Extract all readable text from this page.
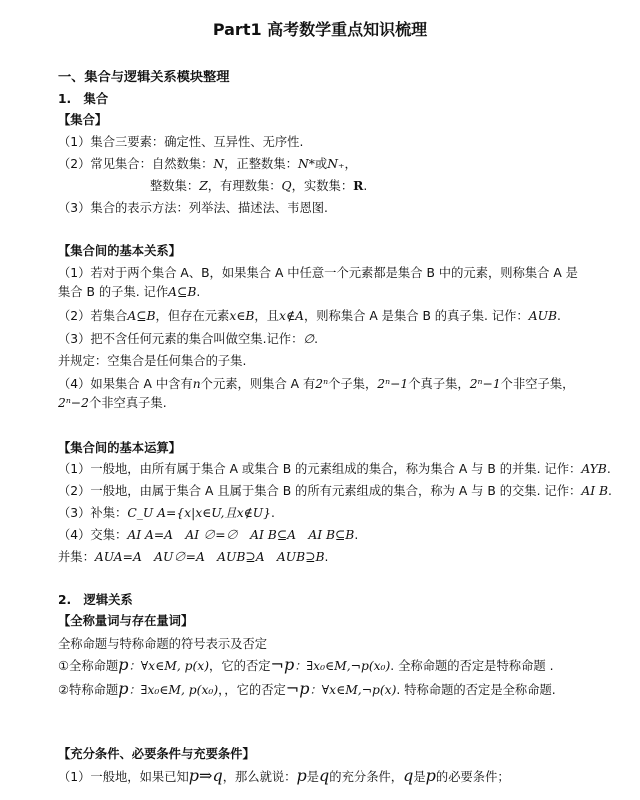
Part1 高考数学重点知识梳理
一、集合与逻辑关系模块整理
1.　集合
【集合】
（1）集合三要素：确定性、互异性、无序性.
（2）常见集合：自然数集：N，正整数集：N*或N₊，
整数集：Z，有理数集：Q，实数集：R.
（3）集合的表示方法：列举法、描述法、韦恩图.
【集合间的基本关系】
（1）若对于两个集合 A、B，如果集合 A 中任意一个元素都是集合 B 中的元素，则称集合 A 是集合 B 的子集. 记作A⊆B.
（2）若集合A⊆B，但存在元素x∈B，且x∉A，则称集合 A 是集合 B 的真子集. 记作：AUB.
（3）把不含任何元素的集合叫做空集.记作：∅.
并规定：空集合是任何集合的子集.
（4）如果集合 A 中含有n个元素，则集合 A 有2ⁿ个子集，2ⁿ−1个真子集，2ⁿ−1个非空子集，2ⁿ−2个非空真子集.
【集合间的基本运算】
（1）一般地，由所有属于集合 A 或集合 B 的元素组成的集合，称为集合 A 与 B 的并集. 记作：AYB.
（2）一般地，由属于集合 A 且属于集合 B 的所有元素组成的集合，称为 A 与 B 的交集. 记作：AI B.
（3）补集：C_U A={x|x∈U,且x∉U}.
（4）交集：AI A=A　AI ∅=∅　AI B⊆A　AI B⊆B.
并集：AUA=A　AU∅=A　AUB⊇A　AUB⊇B.
2.　逻辑关系
【全称量词与存在量词】
全称命题与特称命题的符号表示及否定
①全称命题p：∀x∈M, p(x)，它的否定¬p：∃x₀∈M,¬p(x₀). 全称命题的否定是特称命题 .
②特称命题p：∃x₀∈M, p(x₀)，，它的否定¬p：∀x∈M,¬p(x). 特称命题的否定是全称命题.
【充分条件、必要条件与充要条件】
（1）一般地，如果已知p⇒q，那么就说：p是q的充分条件，q是p的必要条件；
